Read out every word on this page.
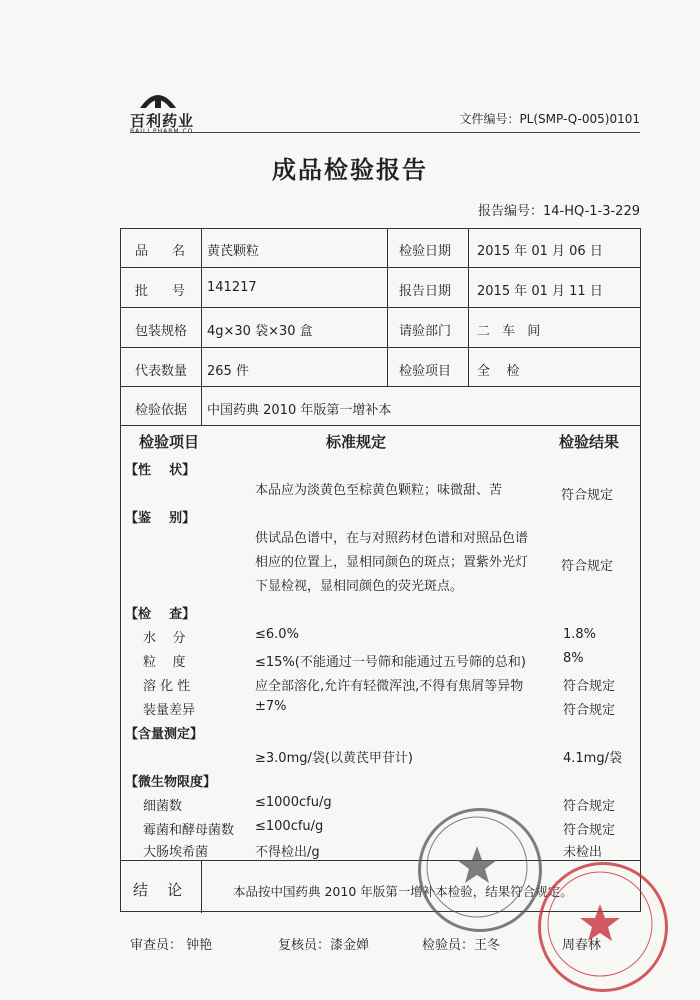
百利药业
BAILI PHARM.CO
文件编号：PL(SMP-Q-005)0101
成品检验报告
报告编号：14-HQ-1-3-229
品 名 黄芪颗粒	检验日期 2015 年 01 月 06 日
批 号 141217	报告日期 2015 年 01 月 11 日
包装规格 4g×30 袋×30 盒	请验部门 二 车 间
代表数量 265 件	检验项目 全    检
检验依据 中国药典 2010 年版第一增补本
检验项目	标准规定	检验结果
【性    状】
本品应为淡黄色至棕黄色颗粒；味微甜、苦	符合规定
【鉴    别】
供试品色谱中，在与对照药材色谱和对照品色谱
相应的位置上，显相同颜色的斑点；置紫外光灯
下显检视，显相同颜色的荧光斑点。
符合规定
【检    查】
水    分	≤6.0%	1.8%
粒    度	≤15%(不能通过一号筛和能通过五号筛的总和)	8%
溶 化 性	应全部溶化,允许有轻微浑浊,不得有焦屑等异物	符合规定
装量差异	±7%	符合规定
【含量测定】
≥3.0mg/袋(以黄芪甲苷计)	4.1mg/袋
【微生物限度】
细菌数	≤1000cfu/g	符合规定
霉菌和酵母菌数 ≤100cfu/g	符合规定
大肠埃希菌	不得检出/g	未检出
结    论	本品按中国药典 2010 年版第一增补本检验，结果符合规定。
审查员： 钟艳	复核员：漆金婵	检验员：王冬	周春林
